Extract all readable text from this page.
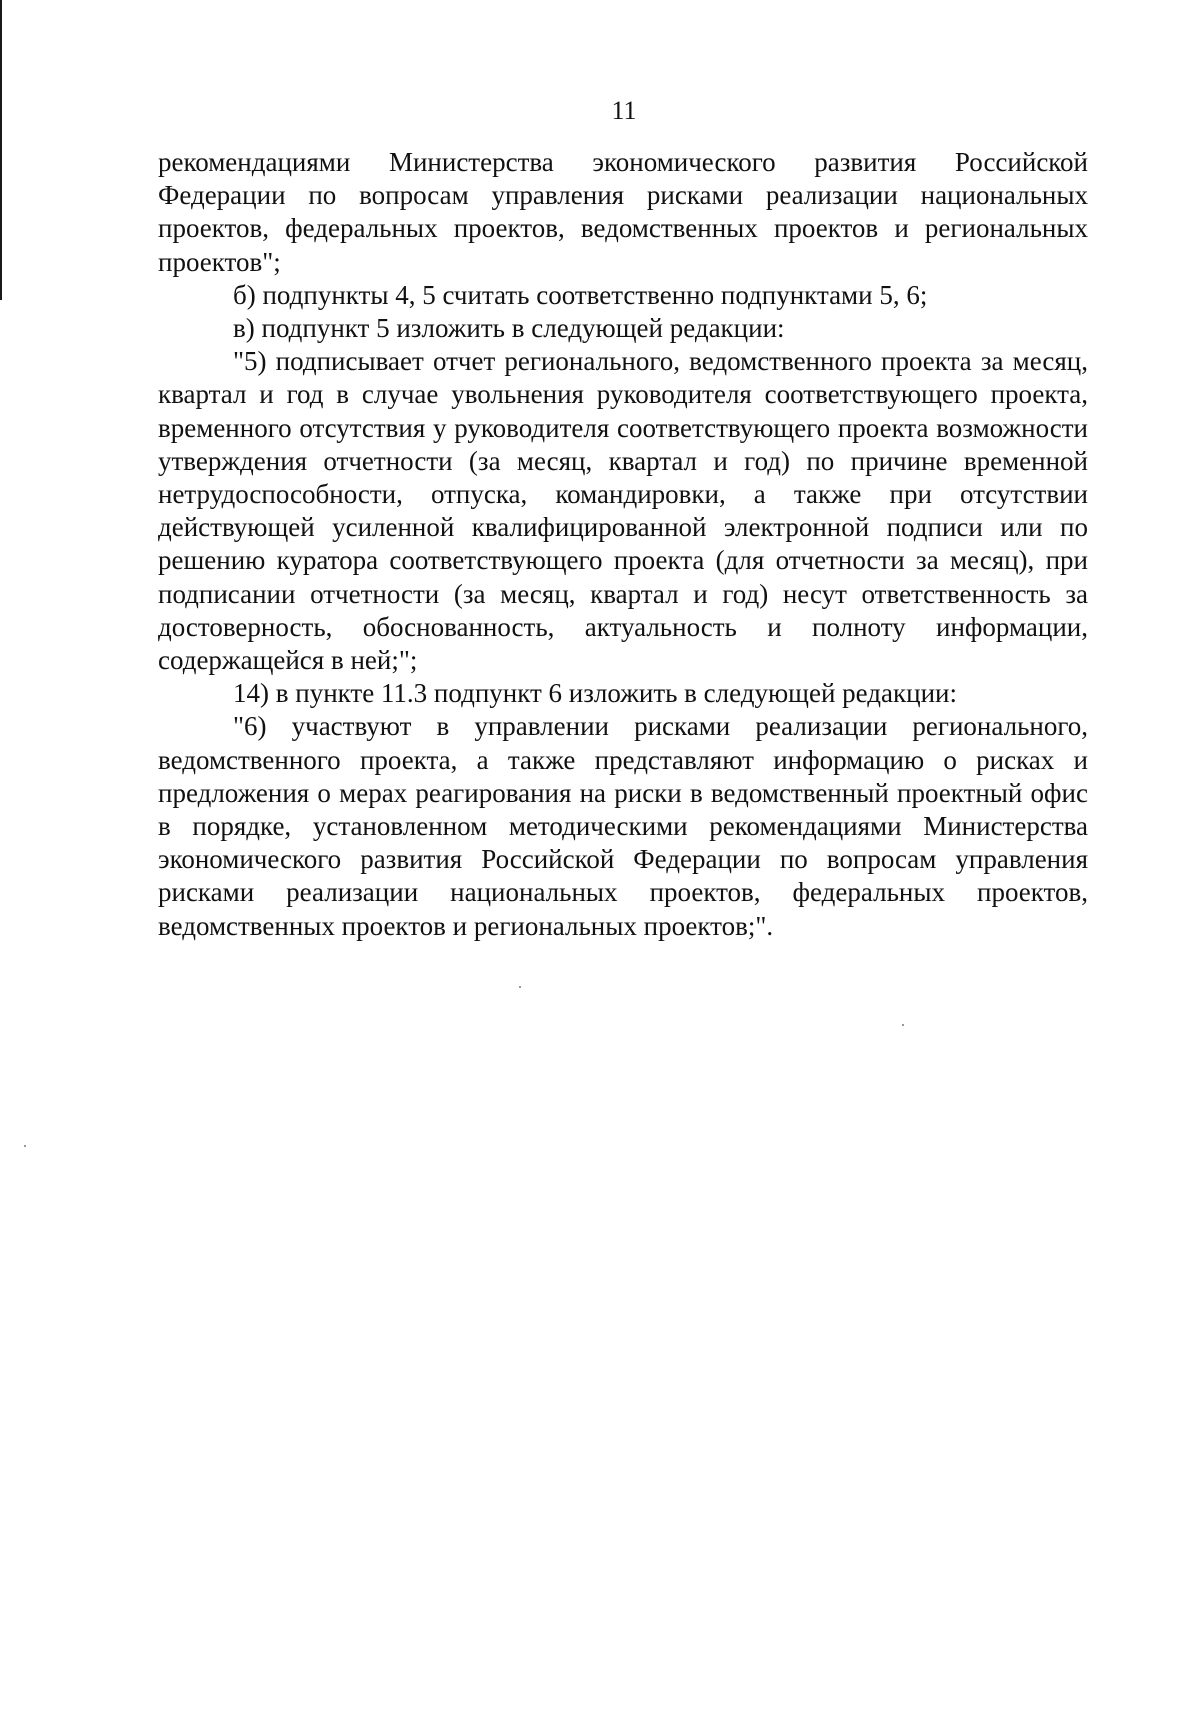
11

рекомендациями Министерства экономического развития Российской Федерации по вопросам управления рисками реализации национальных проектов, федеральных проектов, ведомственных проектов и региональных проектов";

б) подпункты 4, 5 считать соответственно подпунктами 5, 6;

в) подпункт 5 изложить в следующей редакции:

"5) подписывает отчет регионального, ведомственного проекта за месяц, квартал и год в случае увольнения руководителя соответствующего проекта, временного отсутствия у руководителя соответствующего проекта возможности утверждения отчетности (за месяц, квартал и год) по причине временной нетрудоспособности, отпуска, командировки, а также при отсутствии действующей усиленной квалифицированной электронной подписи или по решению куратора соответствующего проекта (для отчетности за месяц), при подписании отчетности (за месяц, квартал и год) несут ответственность за достоверность, обоснованность, актуальность и полноту информации, содержащейся в ней;";

14) в пункте 11.3 подпункт 6 изложить в следующей редакции:

"6) участвуют в управлении рисками реализации регионального, ведомственного проекта, а также представляют информацию о рисках и предложения о мерах реагирования на риски в ведомственный проектный офис в порядке, установленном методическими рекомендациями Министерства экономического развития Российской Федерации по вопросам управления рисками реализации национальных проектов, федеральных проектов, ведомственных проектов и региональных проектов;".
